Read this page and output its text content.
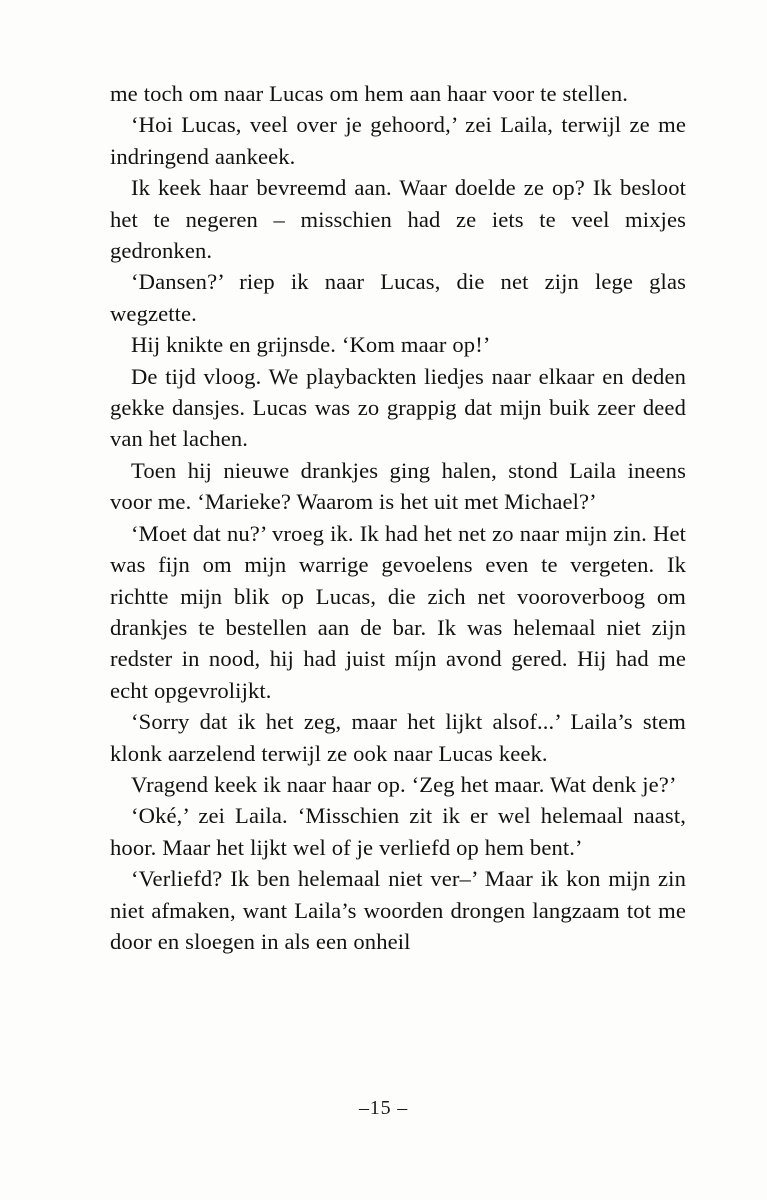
me toch om naar Lucas om hem aan haar voor te stellen.

‘Hoi Lucas, veel over je gehoord,’ zei Laila, terwijl ze me indringend aankeek.

Ik keek haar bevreemd aan. Waar doelde ze op? Ik besloot het te negeren – misschien had ze iets te veel mixjes gedronken.

‘Dansen?’ riep ik naar Lucas, die net zijn lege glas wegzette.

Hij knikte en grijnsde. ‘Kom maar op!’

De tijd vloog. We playbackten liedjes naar elkaar en deden gekke dansjes. Lucas was zo grappig dat mijn buik zeer deed van het lachen.

Toen hij nieuwe drankjes ging halen, stond Laila ineens voor me. ‘Marieke? Waarom is het uit met Michael?’

‘Moet dat nu?’ vroeg ik. Ik had het net zo naar mijn zin. Het was fijn om mijn warrige gevoelens even te vergeten. Ik richtte mijn blik op Lucas, die zich net vooroverboog om drankjes te bestellen aan de bar. Ik was helemaal niet zijn redster in nood, hij had juist míjn avond gered. Hij had me echt opgevrolijkt.

‘Sorry dat ik het zeg, maar het lijkt alsof...’ Laila’s stem klonk aarzelend terwijl ze ook naar Lucas keek.

Vragend keek ik naar haar op. ‘Zeg het maar. Wat denk je?’

‘Oké,’ zei Laila. ‘Misschien zit ik er wel helemaal naast, hoor. Maar het lijkt wel of je verliefd op hem bent.’

‘Verliefd? Ik ben helemaal niet ver–’ Maar ik kon mijn zin niet afmaken, want Laila’s woorden drongen langzaam tot me door en sloegen in als een onheil

–15 –
